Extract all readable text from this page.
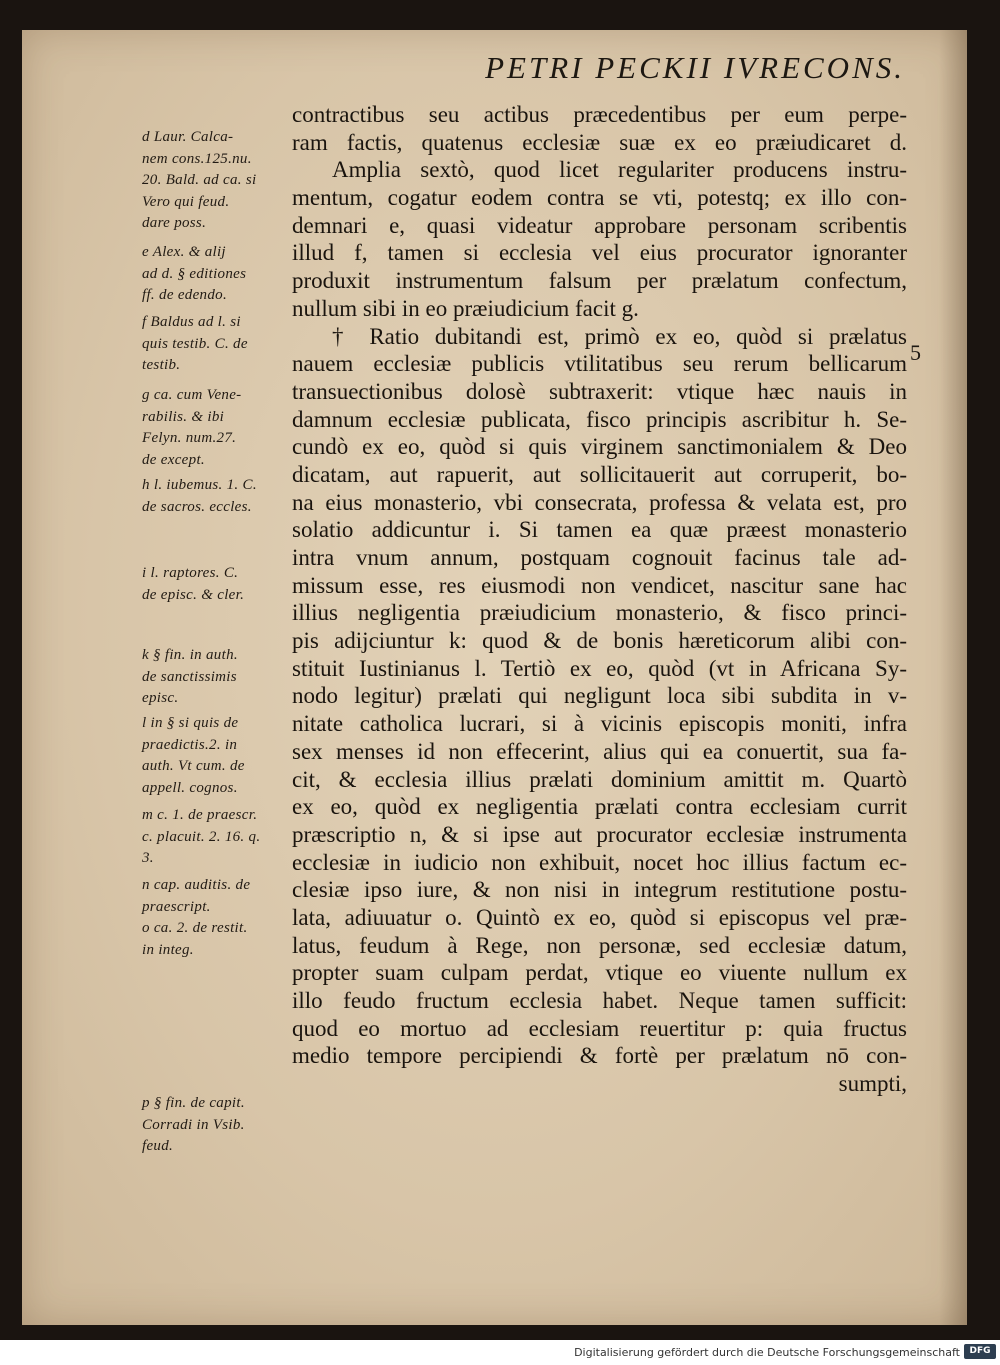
PETRI PECKII IVRECONS.
5
d Laur. Calca-
nem cons.125.nu.
20. Bald. ad ca. si
Vero qui feud.
dare poss.
e Alex. & alij
ad d. § editiones
ff. de edendo.
f Baldus ad l. si
quis testib. C. de
testib.
g ca. cum Vene-
rabilis. & ibi
Felyn. num.27.
de except.
h l. iubemus. 1. C.
de sacros. eccles.
i l. raptores. C.
de episc. & cler.
k § fin. in auth.
de sanctissimis
episc.
l in § si quis de
praedictis.2. in
auth. Vt cum. de
appell. cognos.
m c. 1. de praescr.
c. placuit. 2. 16. q.
3.
n cap. auditis. de
praescript.
o ca. 2. de restit.
in integ.
p § fin. de capit.
Corradi in Vsib.
feud.
contractibus seu actibus præcedentibus per eum perpe-
ram factis, quatenus ecclesiæ suæ ex eo præiudicaret d.
Amplia sextò, quod licet regulariter producens instru-
mentum, cogatur eodem contra se vti, potestq; ex illo con-
demnari e, quasi videatur approbare personam scribentis
illud f, tamen si ecclesia vel eius procurator ignoranter
produxit instrumentum falsum per prælatum confectum,
nullum sibi in eo præiudicium facit g.
† Ratio dubitandi est, primò ex eo, quòd si prælatus
nauem ecclesiæ publicis vtilitatibus seu rerum bellicarum
transuectionibus dolosè subtraxerit: vtique hæc nauis in
damnum ecclesiæ publicata, fisco principis ascribitur h. Se-
cundò ex eo, quòd si quis virginem sanctimonialem & Deo
dicatam, aut rapuerit, aut sollicitauerit aut corruperit, bo-
na eius monasterio, vbi consecrata, professa & velata est, pro
solatio addicuntur i. Si tamen ea quæ præest monasterio
intra vnum annum, postquam cognouit facinus tale ad-
missum esse, res eiusmodi non vendicet, nascitur sane hac
illius negligentia præiudicium monasterio, & fisco princi-
pis adijciuntur k: quod & de bonis hæreticorum alibi con-
stituit Iustinianus l. Tertiò ex eo, quòd (vt in Africana Sy-
nodo legitur) prælati qui negligunt loca sibi subdita in v-
nitate catholica lucrari, si à vicinis episcopis moniti, infra
sex menses id non effecerint, alius qui ea conuertit, sua fa-
cit, & ecclesia illius prælati dominium amittit m. Quartò
ex eo, quòd ex negligentia prælati contra ecclesiam currit
præscriptio n, & si ipse aut procurator ecclesiæ instrumenta
ecclesiæ in iudicio non exhibuit, nocet hoc illius factum ec-
clesiæ ipso iure, & non nisi in integrum restitutione postu-
lata, adiuuatur o. Quintò ex eo, quòd si episcopus vel præ-
latus, feudum à Rege, non personæ, sed ecclesiæ datum,
propter suam culpam perdat, vtique eo viuente nullum ex
illo feudo fructum ecclesia habet. Neque tamen sufficit:
quod eo mortuo ad ecclesiam reuertitur p: quia fructus
medio tempore percipiendi & fortè per prælatum nō con-
sumpti,
Digitalisierung gefördert durch die Deutsche Forschungsgemeinschaft	DFG
